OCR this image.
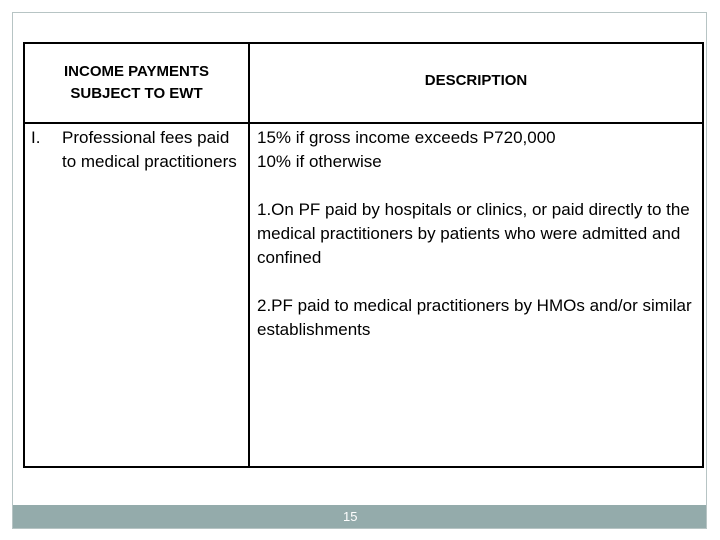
INCOME PAYMENTS SUBJECT TO EWT
DESCRIPTION
I. Professional fees paid to medical practitioners
15% if gross income exceeds P720,000
10% if otherwise
1.On PF paid by hospitals or clinics, or paid directly to the medical practitioners by patients who were admitted and confined
2.PF paid to medical practitioners by HMOs and/or similar establishments
15
